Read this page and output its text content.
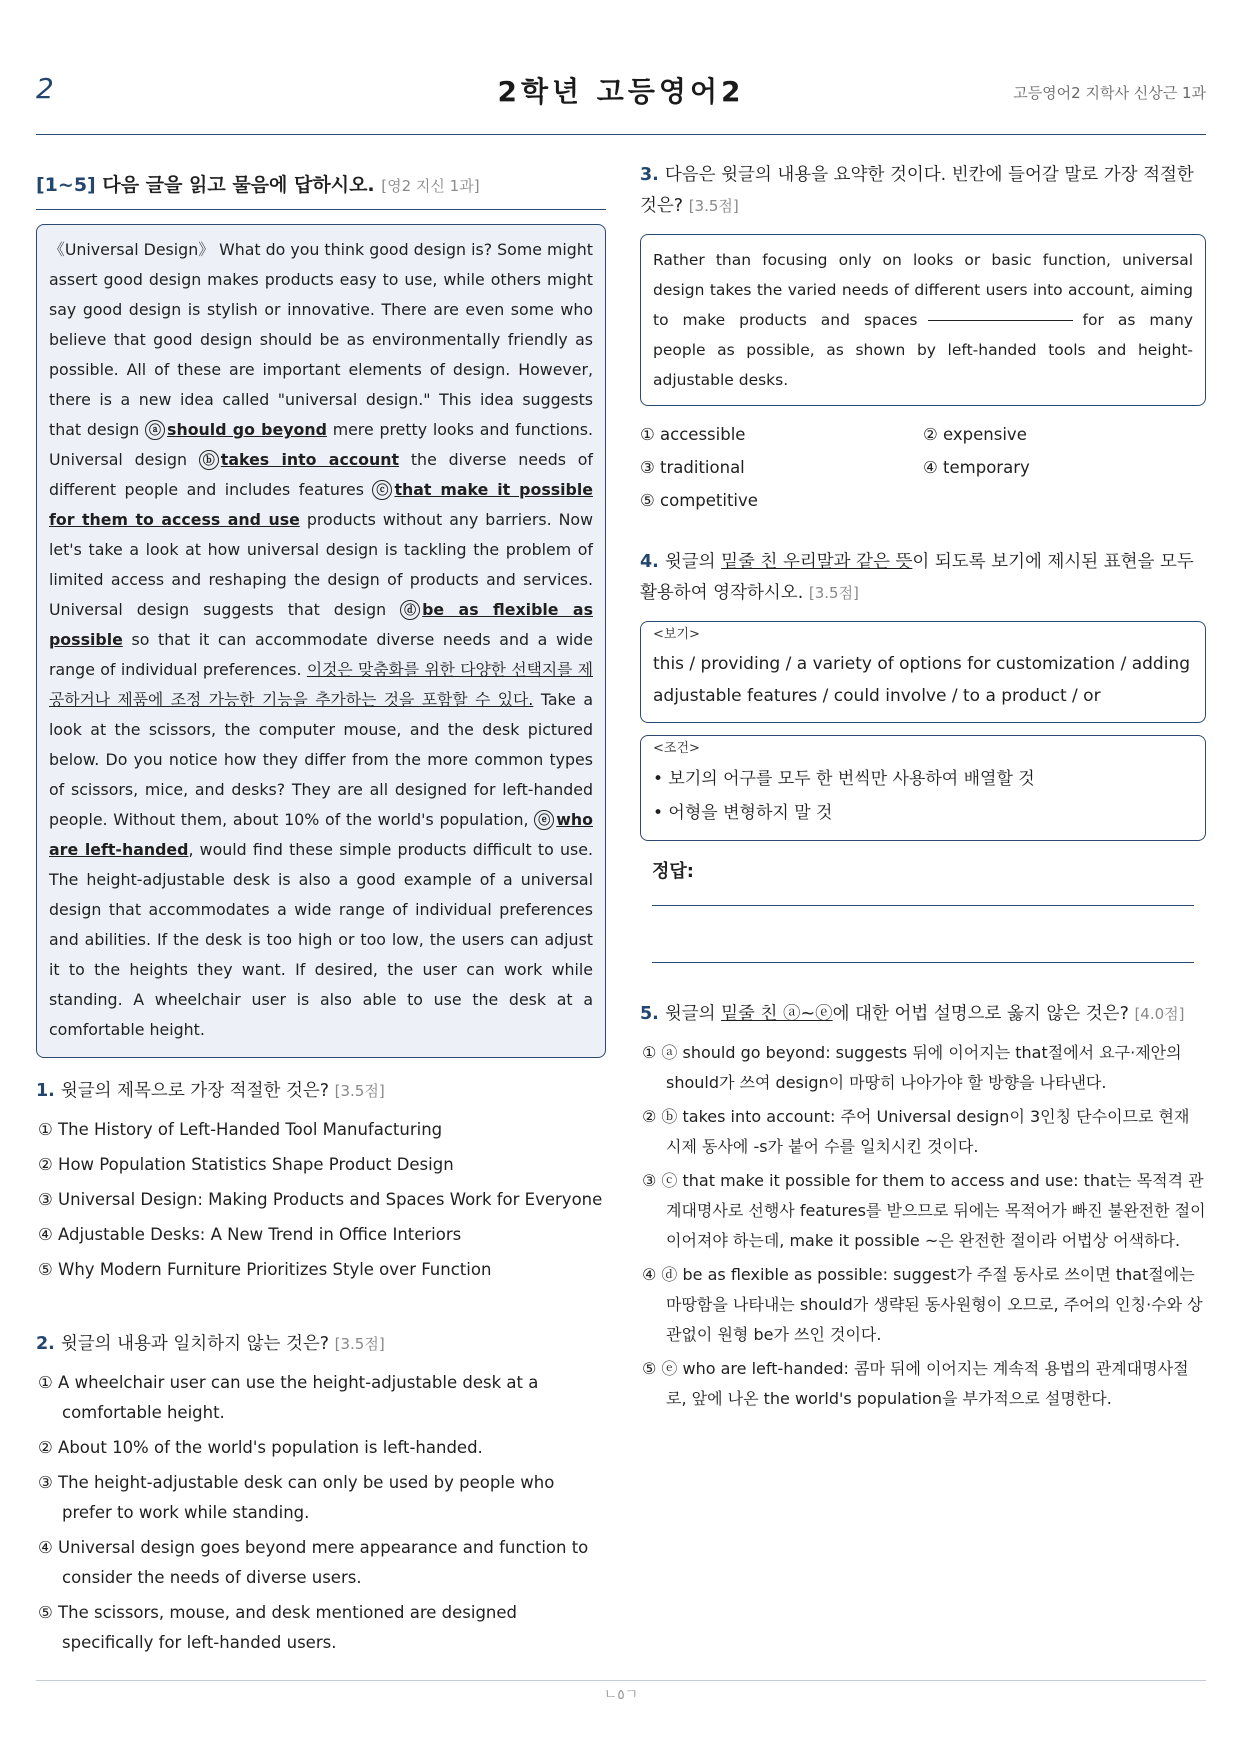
2	2학년 고등영어2	고등영어2 지학사 신상근 1과
[1~5] 다음 글을 읽고 물음에 답하시오. [영2 지신 1과]
《Universal Design》 What do you think good design is? Some might assert good design makes products easy to use, while others might say good design is stylish or innovative. There are even some who believe that good design should be as environmentally friendly as possible. All of these are important elements of design. However, there is a new idea called "universal design." This idea suggests that design ⓐ should go beyond mere pretty looks and functions. Universal design ⓑ takes into account the diverse needs of different people and includes features ⓒ that make it possible for them to access and use products without any barriers. Now let's take a look at how universal design is tackling the problem of limited access and reshaping the design of products and services. Universal design suggests that design ⓓ be as flexible as possible so that it can accommodate diverse needs and a wide range of individual preferences. 이것은 맞춤화를 위한 다양한 선택지를 제공하거나 제품에 조정 가능한 기능을 추가하는 것을 포함할 수 있다. Take a look at the scissors, the computer mouse, and the desk pictured below. Do you notice how they differ from the more common types of scissors, mice, and desks? They are all designed for left-handed people. Without them, about 10% of the world's population, ⓔ who are left-handed, would find these simple products difficult to use. The height-adjustable desk is also a good example of a universal design that accommodates a wide range of individual preferences and abilities. If the desk is too high or too low, the users can adjust it to the heights they want. If desired, the user can work while standing. A wheelchair user is also able to use the desk at a comfortable height.
1. 윗글의 제목으로 가장 적절한 것은? [3.5점]
① The History of Left-Handed Tool Manufacturing
② How Population Statistics Shape Product Design
③ Universal Design: Making Products and Spaces Work for Everyone
④ Adjustable Desks: A New Trend in Office Interiors
⑤ Why Modern Furniture Prioritizes Style over Function
2. 윗글의 내용과 일치하지 않는 것은? [3.5점]
① A wheelchair user can use the height-adjustable desk at a comfortable height.
② About 10% of the world's population is left-handed.
③ The height-adjustable desk can only be used by people who prefer to work while standing.
④ Universal design goes beyond mere appearance and function to consider the needs of diverse users.
⑤ The scissors, mouse, and desk mentioned are designed specifically for left-handed users.
3. 다음은 윗글의 내용을 요약한 것이다. 빈칸에 들어갈 말로 가장 적절한 것은? [3.5점]
Rather than focusing only on looks or basic function, universal design takes the varied needs of different users into account, aiming to make products and spaces	for as many people as possible, as shown by left-handed tools and height-adjustable desks.
① accessible	② expensive
③ traditional	④ temporary
⑤ competitive
4. 윗글의 밑줄 친 우리말과 같은 뜻이 되도록 보기에 제시된 표현을 모두 활용하여 영작하시오. [3.5점]
<보기>
this / providing / a variety of options for customization / adding adjustable features / could involve / to a product / or
<조건>
• 보기의 어구를 모두 한 번씩만 사용하여 배열할 것
• 어형을 변형하지 말 것
정답:
5. 윗글의 밑줄 친 ⓐ~ⓔ에 대한 어법 설명으로 옳지 않은 것은? [4.0점]
① ⓐ should go beyond: suggests 뒤에 이어지는 that절에서 요구·제안의 should가 쓰여 design이 마땅히 나아가야 할 방향을 나타낸다.
② ⓑ takes into account: 주어 Universal design이 3인칭 단수이므로 현재 시제 동사에 -s가 붙어 수를 일치시킨 것이다.
③ ⓒ that make it possible for them to access and use: that는 목적격 관계대명사로 선행사 features를 받으므로 뒤에는 목적어가 빠진 불완전한 절이 이어져야 하는데, make it possible ~은 완전한 절이라 어법상 어색하다.
④ ⓓ be as flexible as possible: suggest가 주절 동사로 쓰이면 that절에는 마땅함을 나타내는 should가 생략된 동사원형이 오므로, 주어의 인칭·수와 상관없이 원형 be가 쓰인 것이다.
⑤ ⓔ who are left-handed: 콤마 뒤에 이어지는 계속적 용법의 관계대명사절로, 앞에 나온 the world's population을 부가적으로 설명한다.
ㄴ٥ㄱ
